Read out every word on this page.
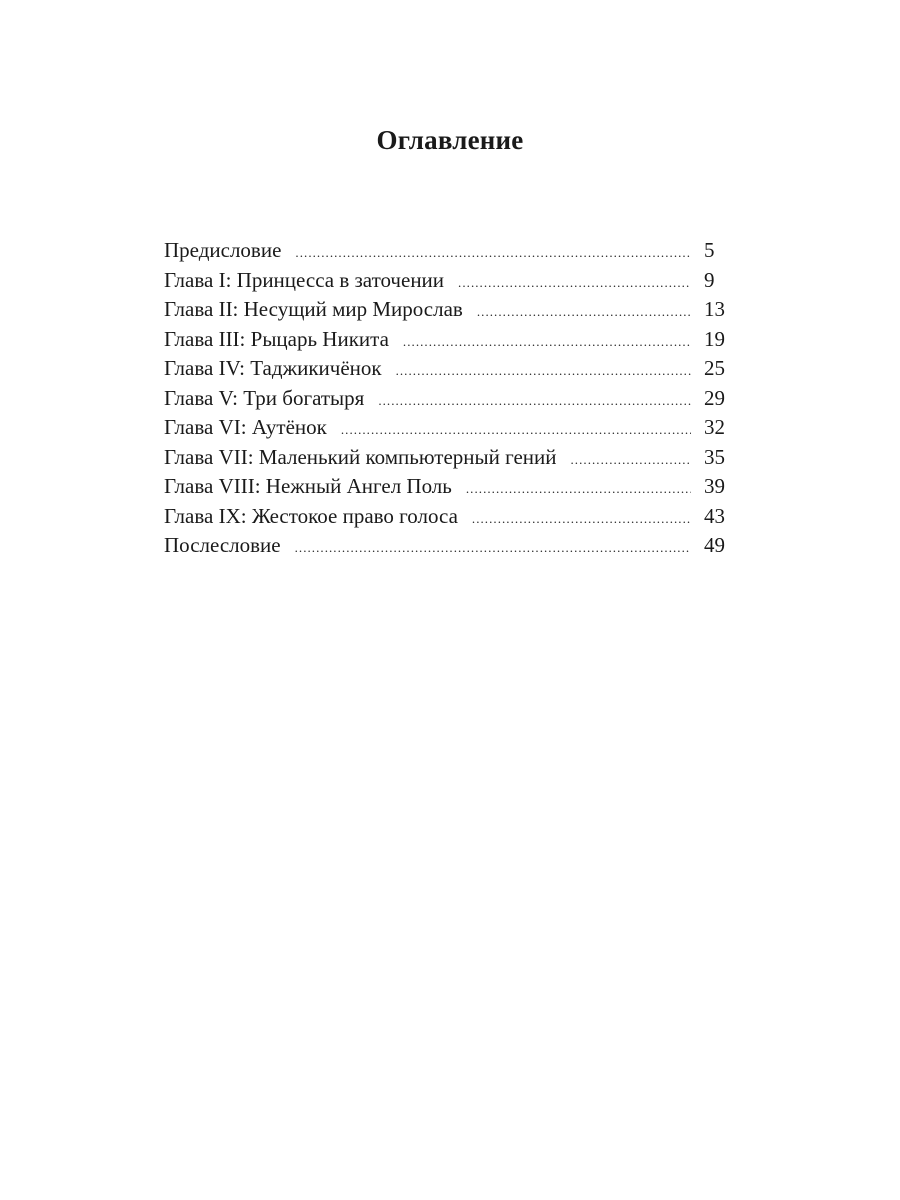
Оглавление
Предисловие .....	5
Глава I: Принцесса в заточении .....	9
Глава II: Несущий мир Мирослав .....	13
Глава III: Рыцарь Никита .....	19
Глава IV: Таджикичёнок .....	25
Глава V: Три богатыря .....	29
Глава VI: Аутёнок .....	32
Глава VII: Маленький компьютерный гений .....	35
Глава VIII: Нежный Ангел Поль .....	39
Глава IX: Жестокое право голоса .....	43
Послесловие .....	49
